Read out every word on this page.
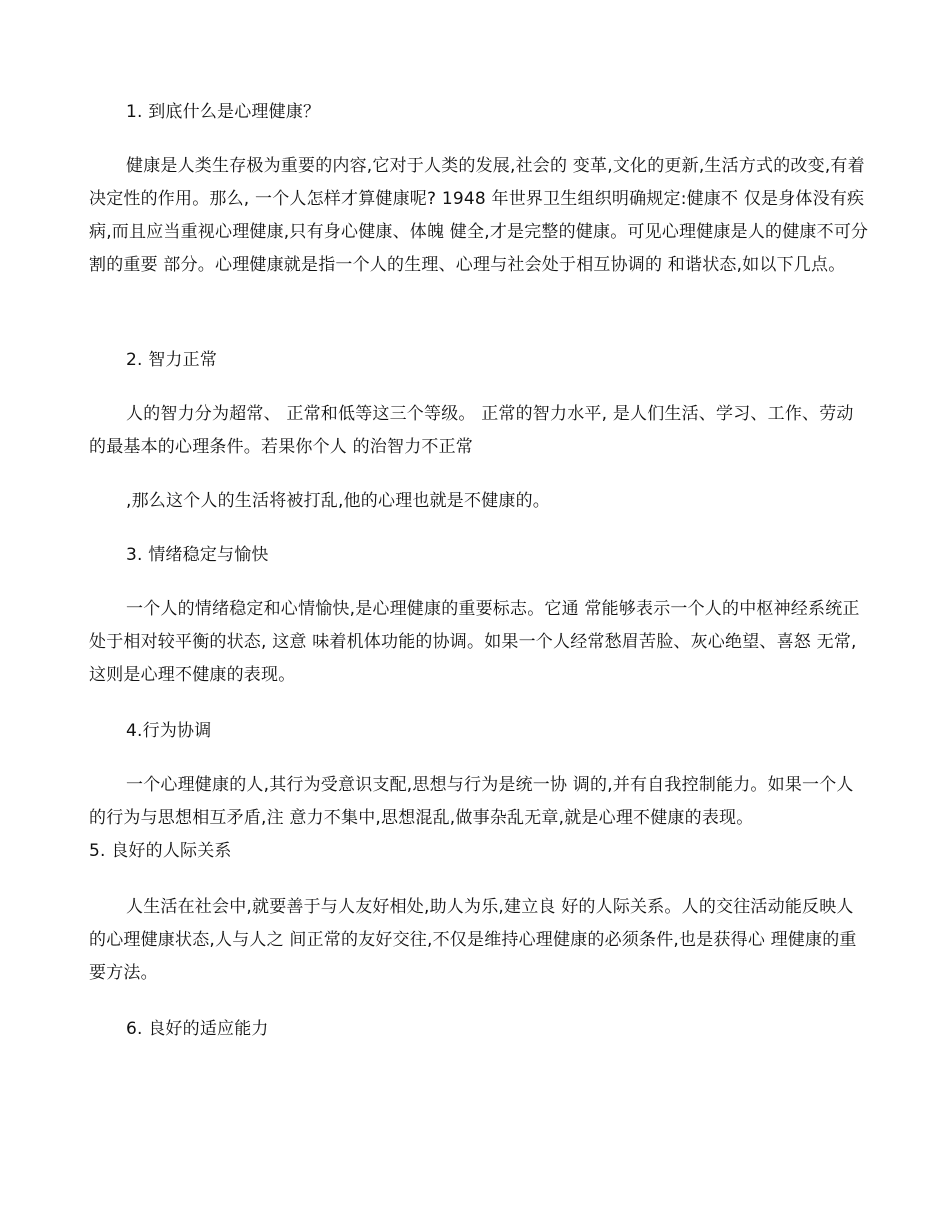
1. 到底什么是心理健康？

健康是人类生存极为重要的内容,它对于人类的发展,社会的 变革,文化的更新,生活方式的改变,有着决定性的作用。那么, 一个人怎样才算健康呢? 1948 年世界卫生组织明确规定:健康不 仅是身体没有疾病,而且应当重视心理健康,只有身心健康、体魄 健全,才是完整的健康。可见心理健康是人的健康不可分割的重要 部分。心理健康就是指一个人的生理、心理与社会处于相互协调的 和谐状态,如以下几点。

2. 智力正常

人的智力分为超常、 正常和低等这三个等级。 正常的智力水平, 是人们生活、学习、工作、劳动的最基本的心理条件。若果你个人 的治智力不正常

,那么这个人的生活将被打乱,他的心理也就是不健康的。

3. 情绪稳定与愉快

一个人的情绪稳定和心情愉快,是心理健康的重要标志。它通 常能够表示一个人的中枢神经系统正处于相对较平衡的状态, 这意 味着机体功能的协调。如果一个人经常愁眉苦脸、灰心绝望、喜怒 无常,这则是心理不健康的表现。

4.行为协调

一个心理健康的人,其行为受意识支配,思想与行为是统一协 调的,并有自我控制能力。如果一个人的行为与思想相互矛盾,注 意力不集中,思想混乱,做事杂乱无章,就是心理不健康的表现。

5. 良好的人际关系

人生活在社会中,就要善于与人友好相处,助人为乐,建立良 好的人际关系。人的交往活动能反映人的心理健康状态,人与人之 间正常的友好交往,不仅是维持心理健康的必须条件,也是获得心 理健康的重要方法。

6. 良好的适应能力
